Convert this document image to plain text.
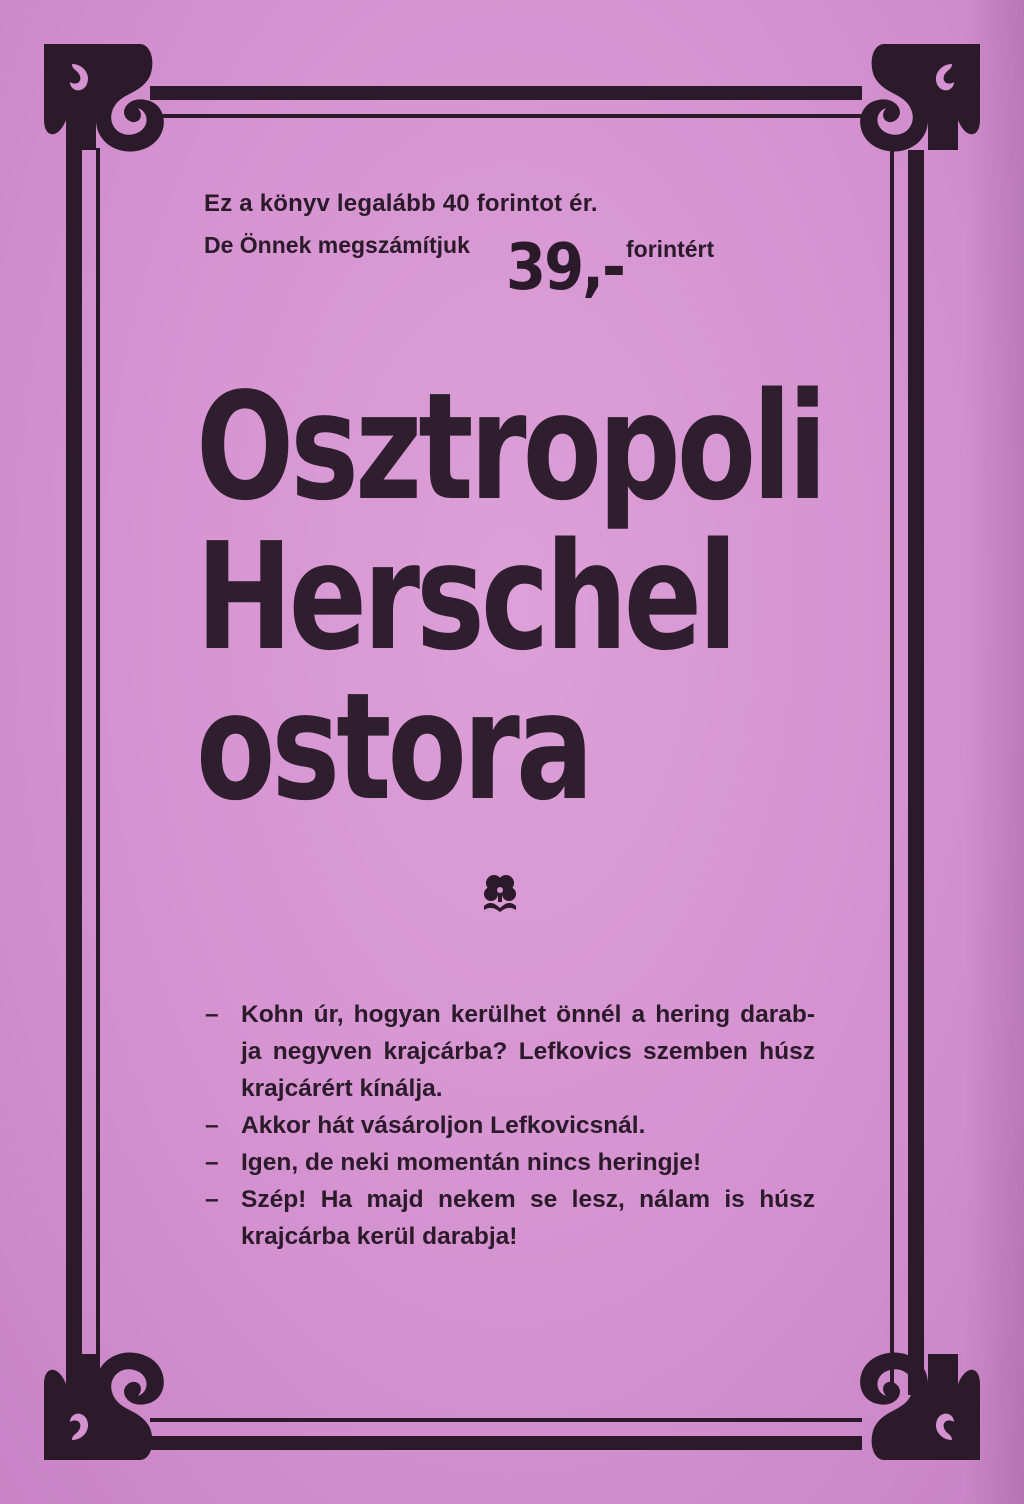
Ez a könyv legalább 40 forintot ér.
De Önnek megszámítjuk 39,- forintért
Osztropoli
Herschel
ostora
– Kohn úr, hogyan kerülhet önnél a hering darab-
ja negyven krajcárba? Lefkovics szemben húsz
krajcárért kínálja.
– Akkor hát vásároljon Lefkovicsnál.
– Igen, de neki momentán nincs heringje!
– Szép! Ha majd nekem se lesz, nálam is húsz
krajcárba kerül darabja!
